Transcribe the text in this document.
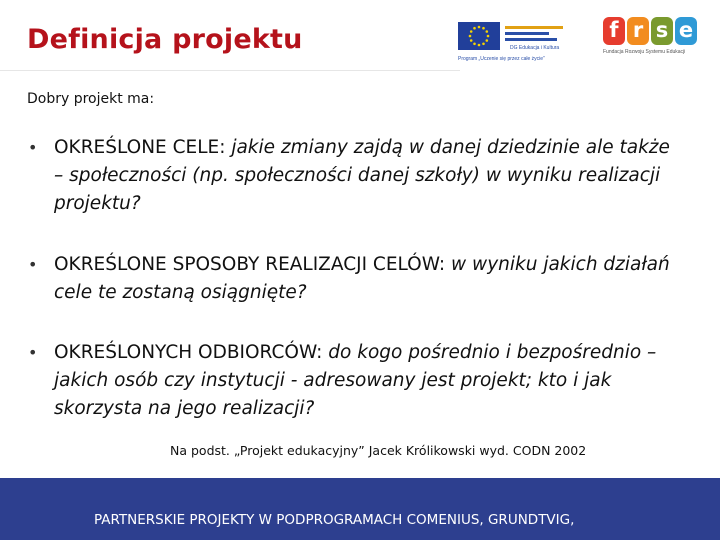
Definicja projektu	DG Edukacja i Kultura
Program „Uczenie się przez całe życie”
f r s e
Fundacja Rozwoju Systemu Edukacji
Dobry projekt ma:
• OKREŚLONE CELE: jakie zmiany zajdą w danej dziedzinie ale także – społeczności (np. społeczności danej szkoły) w wyniku realizacji projektu?
• OKREŚLONE SPOSOBY REALIZACJI CELÓW: w wyniku jakich działań cele te zostaną osiągnięte?
• OKREŚLONYCH ODBIORCÓW: do kogo pośrednio i bezpośrednio – jakich osób czy instytucji - adresowany jest projekt; kto i jak skorzysta na jego realizacji?
Na podst. „Projekt edukacyjny” Jacek Królikowski wyd. CODN 2002
PARTNERSKIE PROJEKTY W PODPROGRAMACH COMENIUS, GRUNDTVIG,
